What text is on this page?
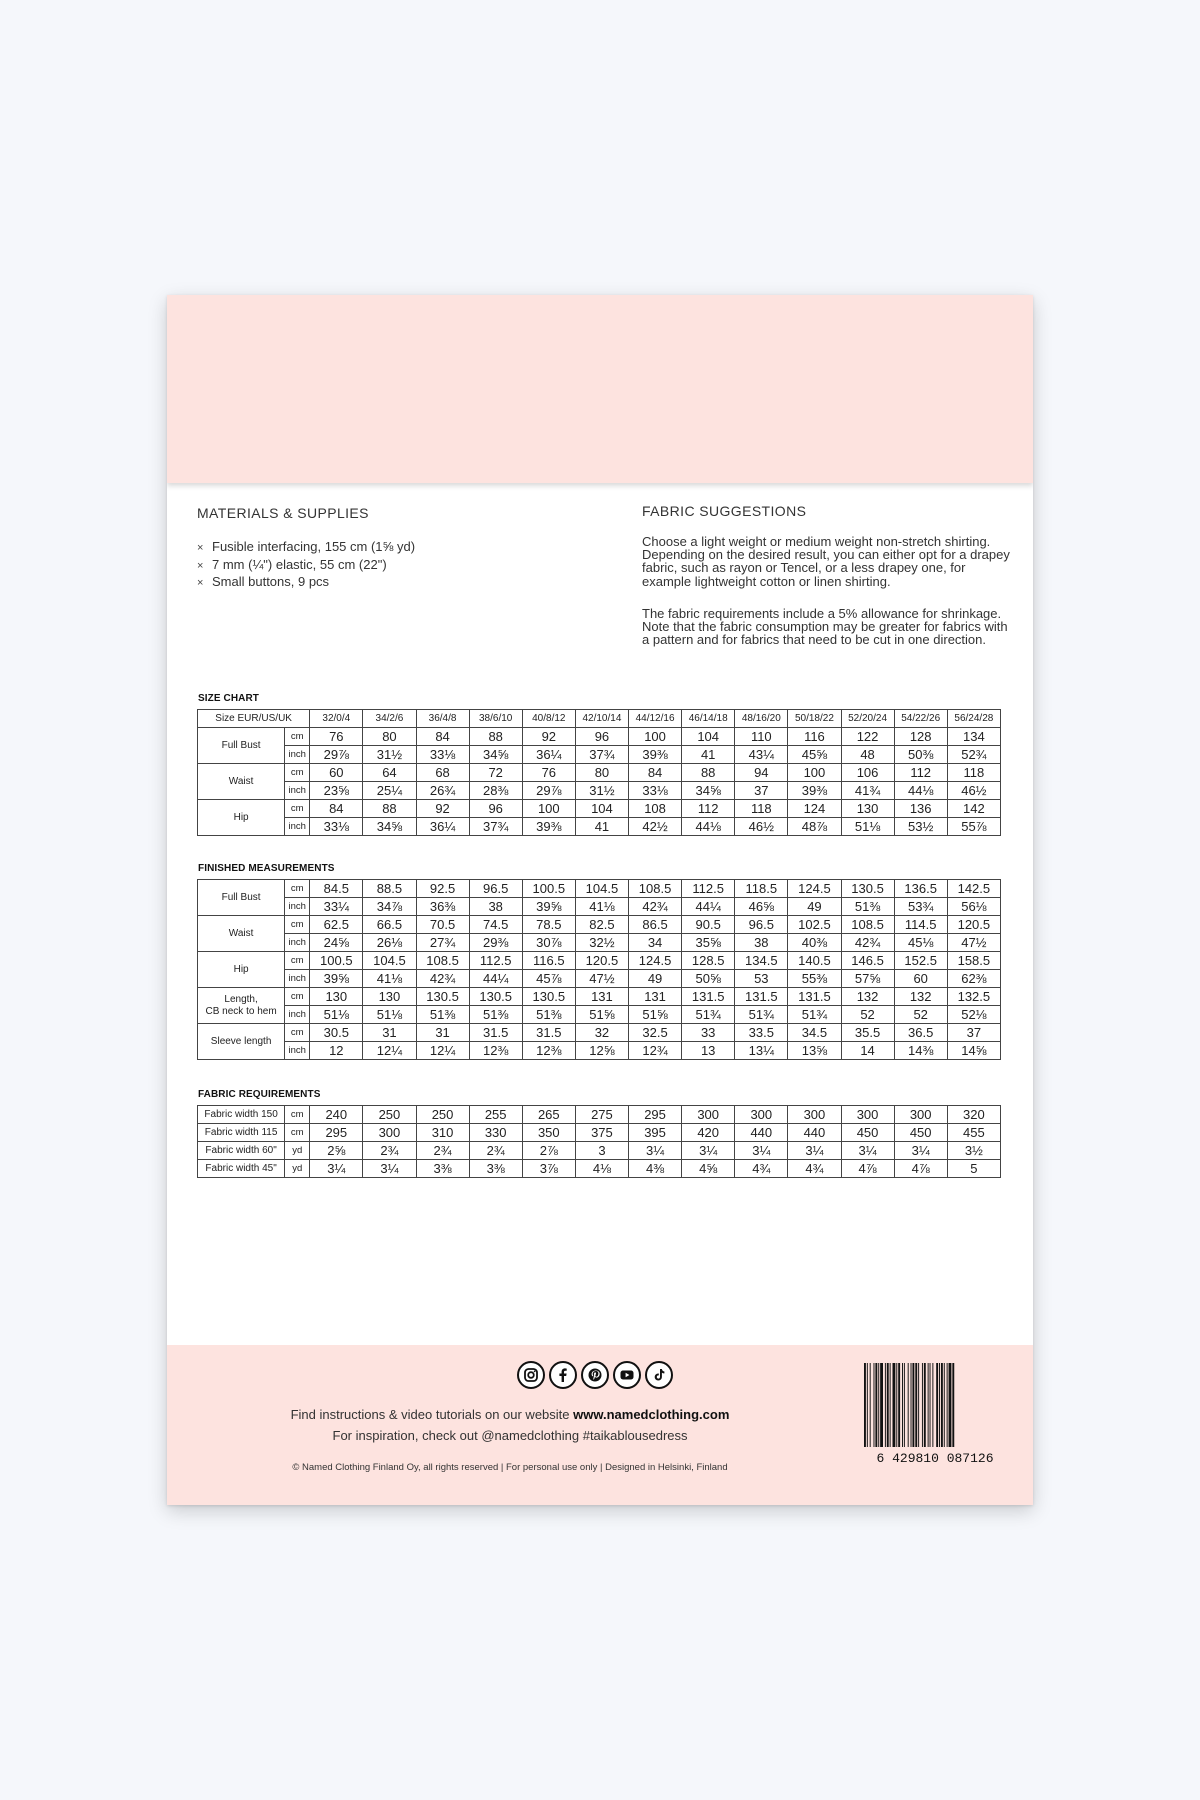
MATERIALS & SUPPLIES
× Fusible interfacing, 155 cm (1⅝ yd)
× 7 mm (¼") elastic, 55 cm (22")
× Small buttons, 9 pcs
FABRIC SUGGESTIONS

Choose a light weight or medium weight non-stretch shirting. Depending on the desired result, you can either opt for a drapey fabric, such as rayon or Tencel, or a less drapey one, for example lightweight cotton or linen shirting.

The fabric requirements include a 5% allowance for shrinkage. Note that the fabric consumption may be greater for fabrics with a pattern and for fabrics that need to be cut in one direction.

SIZE CHART
Size EUR/US/UK		32/0/4	34/2/6	36/4/8	38/6/10	40/8/12	42/10/14	44/12/16	46/14/18	48/16/20	50/18/22	52/20/24	54/22/26	56/24/28
Full Bust	cm	76	80	84	88	92	96	100	104	110	116	122	128	134
	inch	29⅞	31½	33⅛	34⅝	36¼	37¾	39⅜	41	43¼	45⅝	48	50⅜	52¾
Waist	cm	60	64	68	72	76	80	84	88	94	100	106	112	118
	inch	23⅝	25¼	26¾	28⅜	29⅞	31½	33⅛	34⅝	37	39⅜	41¾	44⅛	46½
Hip	cm	84	88	92	96	100	104	108	112	118	124	130	136	142
	inch	33⅛	34⅝	36¼	37¾	39⅜	41	42½	44⅛	46½	48⅞	51⅛	53½	55⅞
FINISHED MEASUREMENTS
Full Bust	cm	84.5	88.5	92.5	96.5	100.5	104.5	108.5	112.5	118.5	124.5	130.5	136.5	142.5
	inch	33¼	34⅞	36⅜	38	39⅝	41⅛	42¾	44¼	46⅝	49	51⅜	53¾	56⅛
Waist	cm	62.5	66.5	70.5	74.5	78.5	82.5	86.5	90.5	96.5	102.5	108.5	114.5	120.5
	inch	24⅝	26⅛	27¾	29⅜	30⅞	32½	34	35⅝	38	40⅜	42¾	45⅛	47½
Hip	cm	100.5	104.5	108.5	112.5	116.5	120.5	124.5	128.5	134.5	140.5	146.5	152.5	158.5
	inch	39⅝	41⅛	42¾	44¼	45⅞	47½	49	50⅝	53	55⅜	57⅝	60	62⅜
Length,
CB neck to hem	cm	130	130	130.5	130.5	130.5	131	131	131.5	131.5	131.5	132	132	132.5
	inch	51⅛	51⅛	51⅜	51⅜	51⅜	51⅝	51⅝	51¾	51¾	51¾	52	52	52⅛
Sleeve length	cm	30.5	31	31	31.5	31.5	32	32.5	33	33.5	34.5	35.5	36.5	37
	inch	12	12¼	12¼	12⅜	12⅜	12⅝	12¾	13	13¼	13⅝	14	14⅜	14⅝
FABRIC REQUIREMENTS
Fabric width 150	cm	240	250	250	255	265	275	295	300	300	300	300	300	320
Fabric width 115	cm	295	300	310	330	350	375	395	420	440	440	450	450	455
Fabric width 60"	yd	2⅝	2¾	2¾	2¾	2⅞	3	3¼	3¼	3¼	3¼	3¼	3¼	3½
Fabric width 45"	yd	3¼	3¼	3⅜	3⅜	3⅞	4⅛	4⅜	4⅝	4¾	4¾	4⅞	4⅞	5
Find instructions & video tutorials on our website www.namedclothing.com
For inspiration, check out @namedclothing #taikablousedress
© Named Clothing Finland Oy, all rights reserved | For personal use only | Designed in Helsinki, Finland
6 429810 087126
